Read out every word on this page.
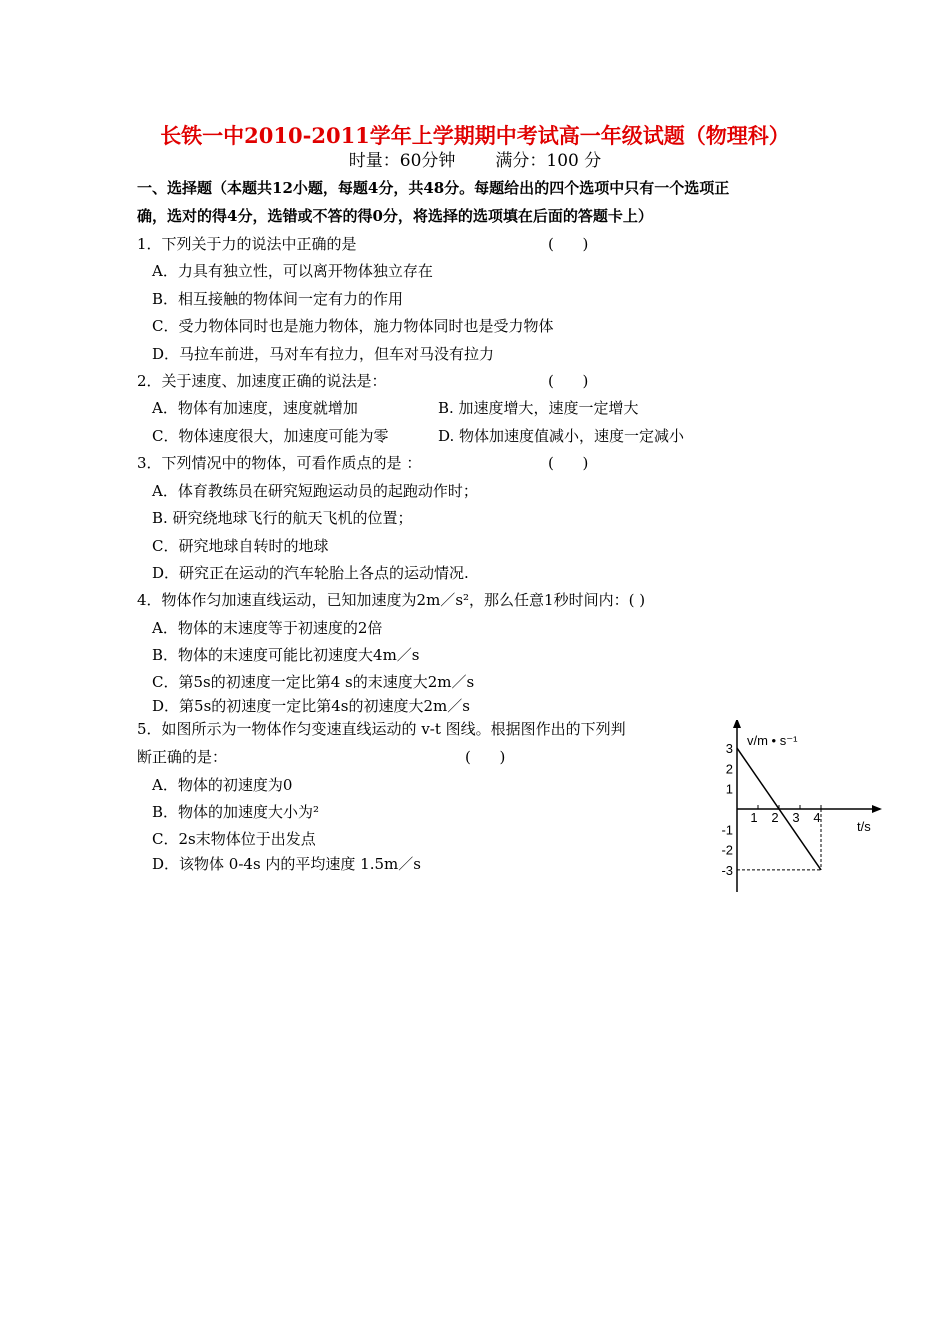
长铁一中2010-2011学年上学期期中考试高一年级试题（物理科）
时量：60分钟 满分：100 分
一、选择题（本题共12小题，每题4分，共48分。每题给出的四个选项中只有一个选项正
确，选对的得4分，选错或不答的得0分，将选择的选项填在后面的答题卡上）
1．下列关于力的说法中正确的是	(      )
A．力具有独立性，可以离开物体独立存在
B．相互接触的物体间一定有力的作用
C．受力物体同时也是施力物体，施力物体同时也是受力物体
D．马拉车前进，马对车有拉力，但车对马没有拉力
2．关于速度、加速度正确的说法是：	(      )
A．物体有加速度，速度就增加	B. 加速度增大，速度一定增大
C．物体速度很大，加速度可能为零	D. 物体加速度值减小，速度一定减小
3．下列情况中的物体，可看作质点的是 ：	(      )
A．体育教练员在研究短跑运动员的起跑动作时；
B. 研究绕地球飞行的航天飞机的位置；
C．研究地球自转时的地球
D．研究正在运动的汽车轮胎上各点的运动情况.
4．物体作匀加速直线运动，已知加速度为2m／s²，那么任意1秒时间内：( )
A．物体的末速度等于初速度的2倍
B．物体的末速度可能比初速度大4m／s
C．第5s的初速度一定比第4 s的末速度大2m／s
D．第5s的初速度一定比第4s的初速度大2m／s
5．如图所示为一物体作匀变速直线运动的 v-t 图线。根据图作出的下列判
断正确的是：	(      )
A．物体的初速度为0
B．物体的加速度大小为²
C．2s末物体位于出发点
D．该物体 0-4s 内的平均速度 1.5m／s
v/m • s⁻¹
t/s
3
2
1
-1
-2
-3
1 2 3 4
